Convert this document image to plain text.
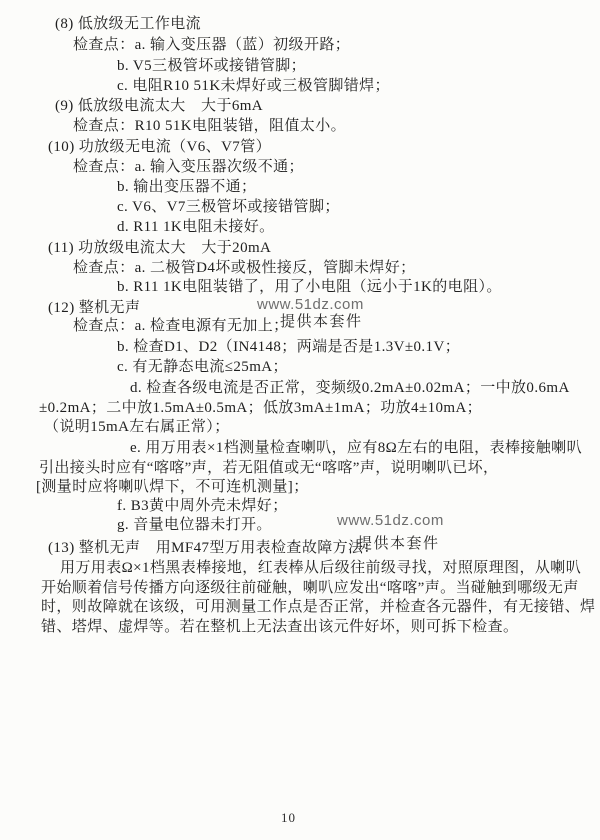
(8) 低放级无工作电流
检查点：a. 输入变压器（蓝）初级开路；
b. V5三极管坏或接错管脚；
c. 电阻R10 51K未焊好或三极管脚错焊；
(9) 低放级电流太大　大于6mA
检查点：R10 51K电阻装错，阻值太小。
(10) 功放级无电流（V6、V7管）
检查点：a. 输入变压器次级不通；
b. 输出变压器不通；
c. V6、V7三极管坏或接错管脚；
d. R11 1K电阻未接好。
(11) 功放级电流太大　大于20mA
检查点：a. 二极管D4坏或极性接反，管脚未焊好；
b. R11 1K电阻装错了，用了小电阻（远小于1K的电阻）。
(12) 整机无声
检查点：a. 检查电源有无加上；
b. 检查D1、D2（IN4148；两端是否是1.3V±0.1V；
c. 有无静态电流≤25mA；
d. 检查各级电流是否正常，变频级0.2mA±0.02mA；一中放0.6mA
±0.2mA；二中放1.5mA±0.5mA；低放3mA±1mA；功放4±10mA；
（说明15mA左右属正常）；
e. 用万用表×1档测量检查喇叭，应有8Ω左右的电阻，表棒接触喇叭
引出接头时应有“喀喀”声，若无阻值或无“喀喀”声，说明喇叭已坏，
[测量时应将喇叭焊下，不可连机测量]；
f. B3黄中周外壳未焊好；
g. 音量电位器未打开。
(13) 整机无声　用MF47型万用表检查故障方法：
用万用表Ω×1档黑表棒接地，红表棒从后级往前级寻找，对照原理图，从喇叭
开始顺着信号传播方向逐级往前碰触，喇叭应发出“喀喀”声。当碰触到哪级无声
时，则故障就在该级，可用测量工作点是否正常，并检查各元器件，有无接错、焊
错、塔焊、虚焊等。若在整机上无法查出该元件好坏，则可拆下检查。
www.51dz.com
提供本套件
www.51dz.com
提供本套件
10
